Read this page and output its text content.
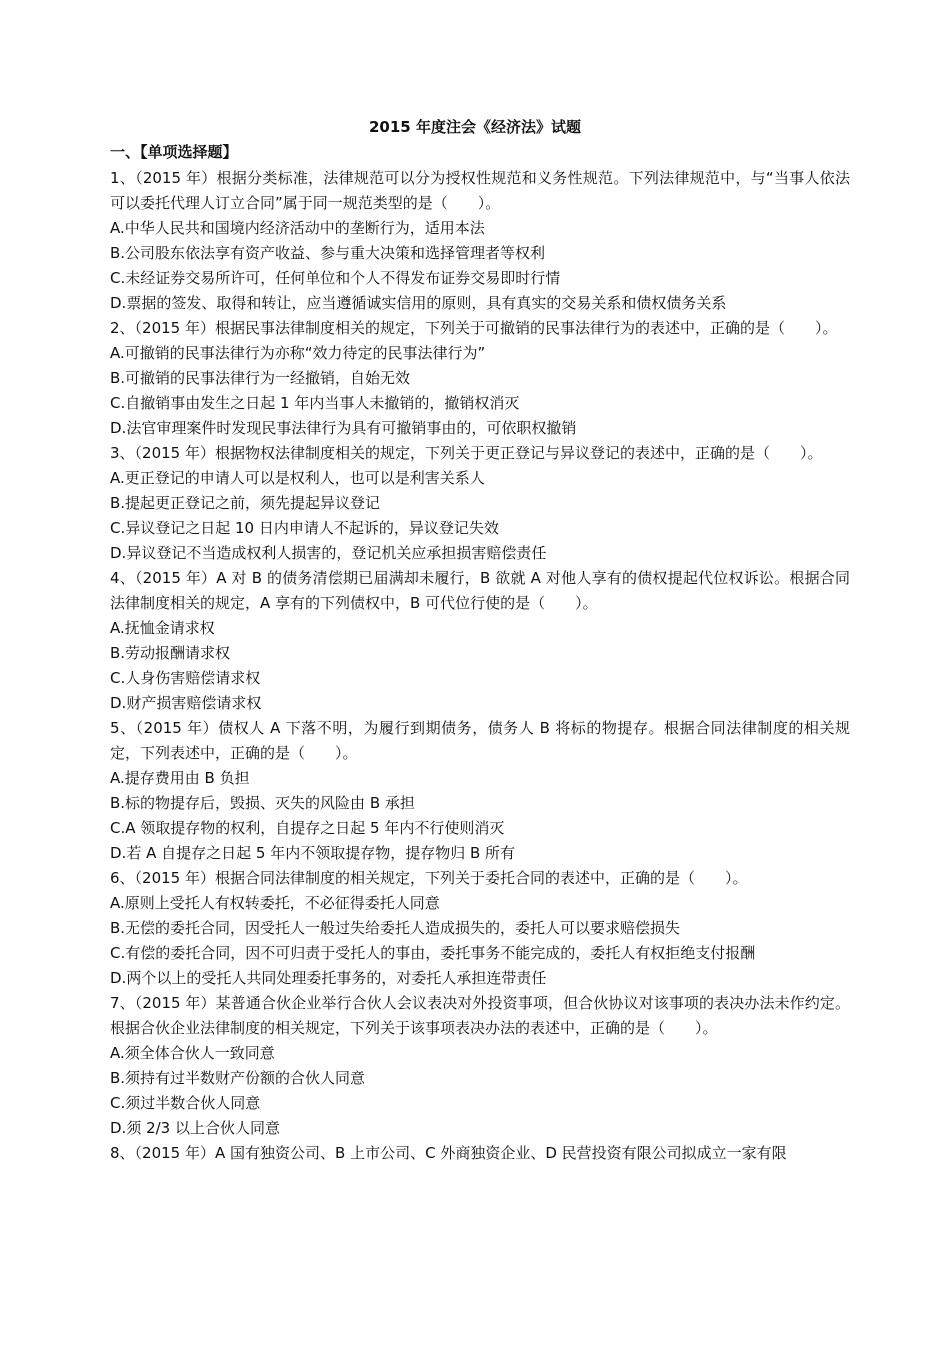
2015 年度注会《经济法》试题
一、【单项选择题】

1、（2015 年）根据分类标准，法律规范可以分为授权性规范和义务性规范。下列法律规范中，与“当事人依法可以委托代理人订立合同”属于同一规范类型的是（　　）。

A.中华人民共和国境内经济活动中的垄断行为，适用本法

B.公司股东依法享有资产收益、参与重大决策和选择管理者等权利

C.未经证券交易所许可，任何单位和个人不得发布证券交易即时行情

D.票据的签发、取得和转让，应当遵循诚实信用的原则，具有真实的交易关系和债权债务关系

2、（2015 年）根据民事法律制度相关的规定，下列关于可撤销的民事法律行为的表述中，正确的是（　　）。

A.可撤销的民事法律行为亦称“效力待定的民事法律行为”

B.可撤销的民事法律行为一经撤销，自始无效

C.自撤销事由发生之日起 1 年内当事人未撤销的，撤销权消灭

D.法官审理案件时发现民事法律行为具有可撤销事由的，可依职权撤销

3、（2015 年）根据物权法律制度相关的规定，下列关于更正登记与异议登记的表述中，正确的是（　　）。

A.更正登记的申请人可以是权利人，也可以是利害关系人

B.提起更正登记之前，须先提起异议登记

C.异议登记之日起 10 日内申请人不起诉的，异议登记失效

D.异议登记不当造成权利人损害的，登记机关应承担损害赔偿责任

4、（2015 年）A 对 B 的债务清偿期已届满却未履行，B 欲就 A 对他人享有的债权提起代位权诉讼。根据合同法律制度相关的规定，A 享有的下列债权中，B 可代位行使的是（　　）。

A.抚恤金请求权

B.劳动报酬请求权

C.人身伤害赔偿请求权

D.财产损害赔偿请求权

5、（2015 年）债权人 A 下落不明，为履行到期债务，债务人 B 将标的物提存。根据合同法律制度的相关规定，下列表述中，正确的是（　　）。

A.提存费用由 B 负担

B.标的物提存后，毁损、灭失的风险由 B 承担

C.A 领取提存物的权利，自提存之日起 5 年内不行使则消灭

D.若 A 自提存之日起 5 年内不领取提存物，提存物归 B 所有

6、（2015 年）根据合同法律制度的相关规定，下列关于委托合同的表述中，正确的是（　　）。

A.原则上受托人有权转委托，不必征得委托人同意

B.无偿的委托合同，因受托人一般过失给委托人造成损失的，委托人可以要求赔偿损失

C.有偿的委托合同，因不可归责于受托人的事由，委托事务不能完成的，委托人有权拒绝支付报酬

D.两个以上的受托人共同处理委托事务的，对委托人承担连带责任

7、（2015 年）某普通合伙企业举行合伙人会议表决对外投资事项，但合伙协议对该事项的表决办法未作约定。根据合伙企业法律制度的相关规定，下列关于该事项表决办法的表述中，正确的是（　　）。

A.须全体合伙人一致同意

B.须持有过半数财产份额的合伙人同意

C.须过半数合伙人同意

D.须 2/3 以上合伙人同意

8、（2015 年）A 国有独资公司、B 上市公司、C 外商独资企业、D 民营投资有限公司拟成立一家有限
